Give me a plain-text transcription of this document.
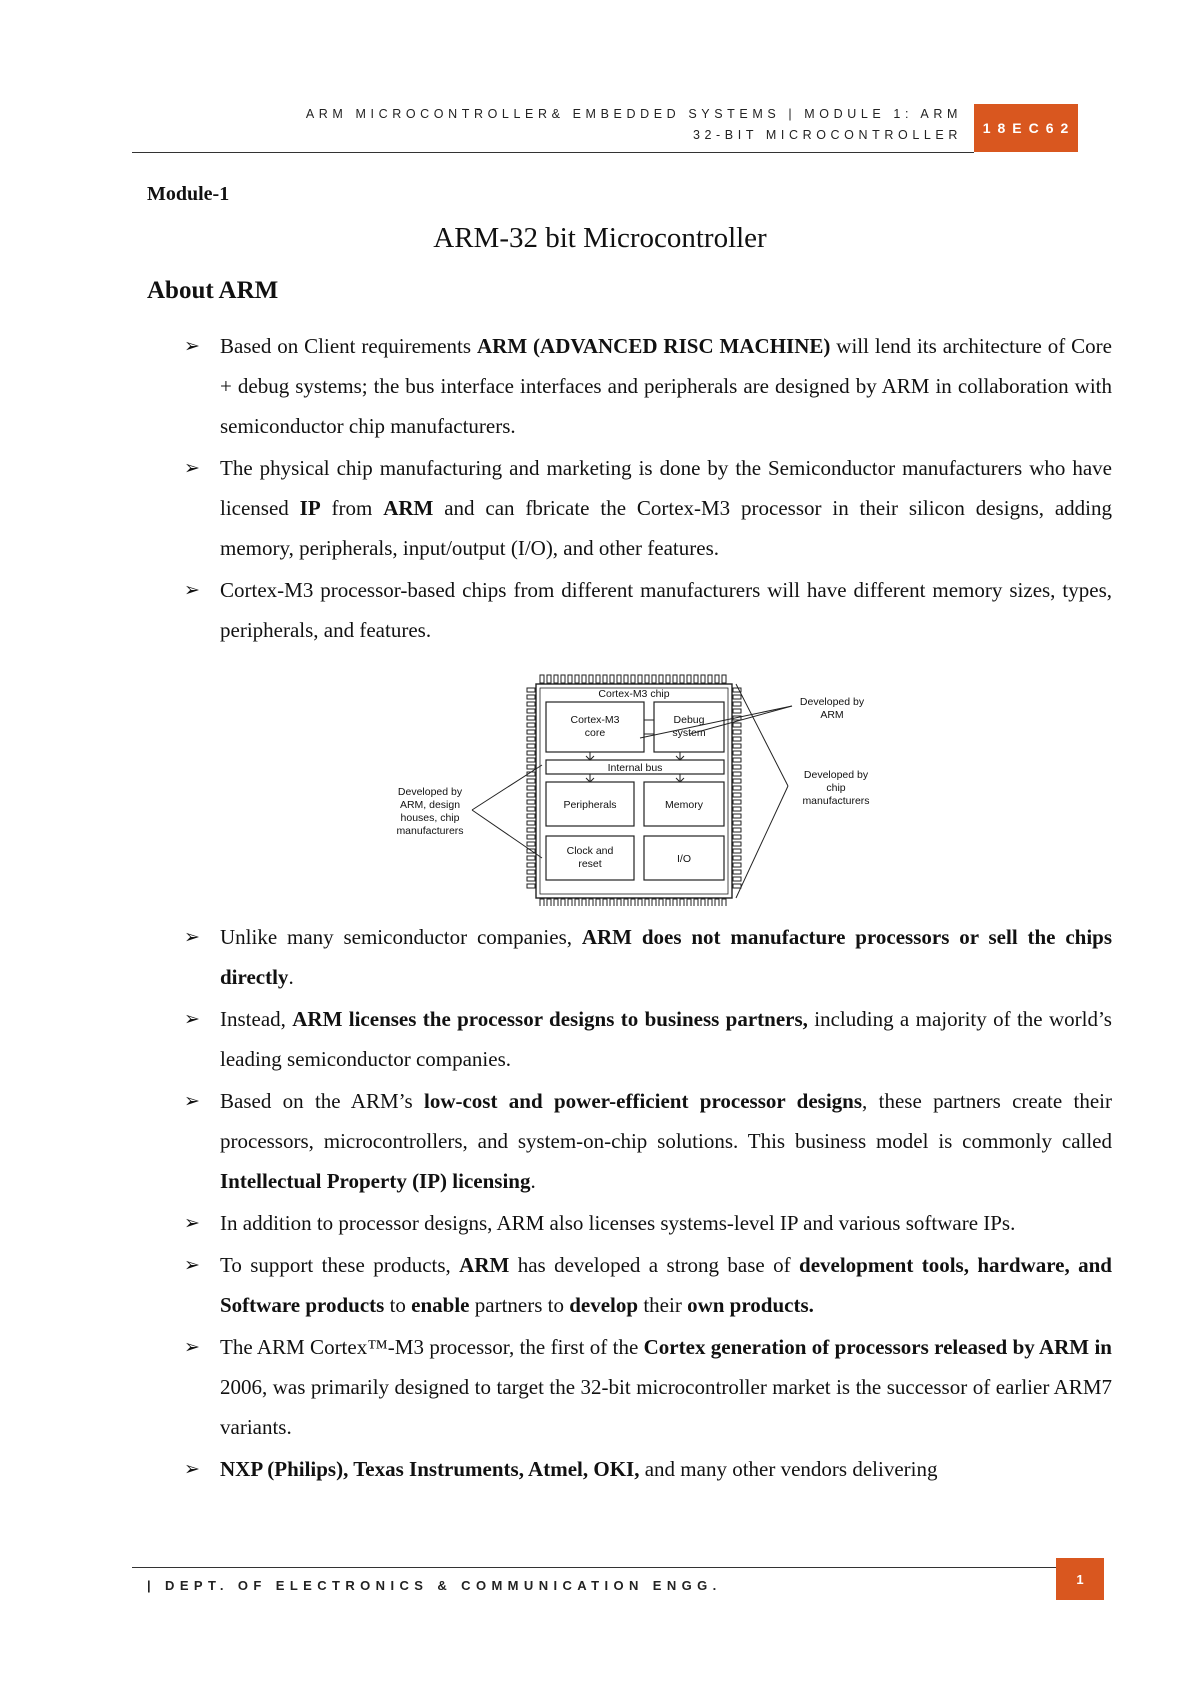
ARM MICROCONTROLLER& EMBEDDED SYSTEMS | MODULE 1: ARM
32-BIT MICROCONTROLLER	18EC62
Module-1
ARM-32 bit Microcontroller
About ARM
➢ Based on Client requirements ARM (ADVANCED RISC MACHINE) will lend its architecture of Core + debug systems; the bus interface interfaces and peripherals are designed by ARM in collaboration with semiconductor chip manufacturers.
➢ The physical chip manufacturing and marketing is done by the Semiconductor manufacturers who have licensed IP from ARM and can fbricate the Cortex-M3 processor in their silicon designs, adding memory, peripherals, input/output (I/O), and other features.
➢ Cortex-M3 processor-based chips from different manufacturers will have different memory sizes, types, peripherals, and features.
Cortex-M3 chip
Cortex-M3
core
Debug
system
Internal bus
Peripherals	Memory
Clock and
reset	I/O
Developed by
ARM, design
houses, chip
manufacturers
Developed by
ARM
Developed by
chip
manufacturers
➢ Unlike many semiconductor companies, ARM does not manufacture processors or sell the chips directly.
➢ Instead, ARM licenses the processor designs to business partners, including a majority of the world’s leading semiconductor companies.
➢ Based on the ARM’s low-cost and power-efficient processor designs, these partners create their processors, microcontrollers, and system-on-chip solutions. This business model is commonly called Intellectual Property (IP) licensing.
➢ In addition to processor designs, ARM also licenses systems-level IP and various software IPs.
➢ To support these products, ARM has developed a strong base of development tools, hardware, and Software products to enable partners to develop their own products.
➢ The ARM Cortex™-M3 processor, the first of the Cortex generation of processors released by ARM in 2006, was primarily designed to target the 32-bit microcontroller market is the successor of earlier ARM7 variants.
➢ NXP (Philips), Texas Instruments, Atmel, OKI, and many other vendors delivering
| DEPT. OF ELECTRONICS & COMMUNICATION ENGG.	1
